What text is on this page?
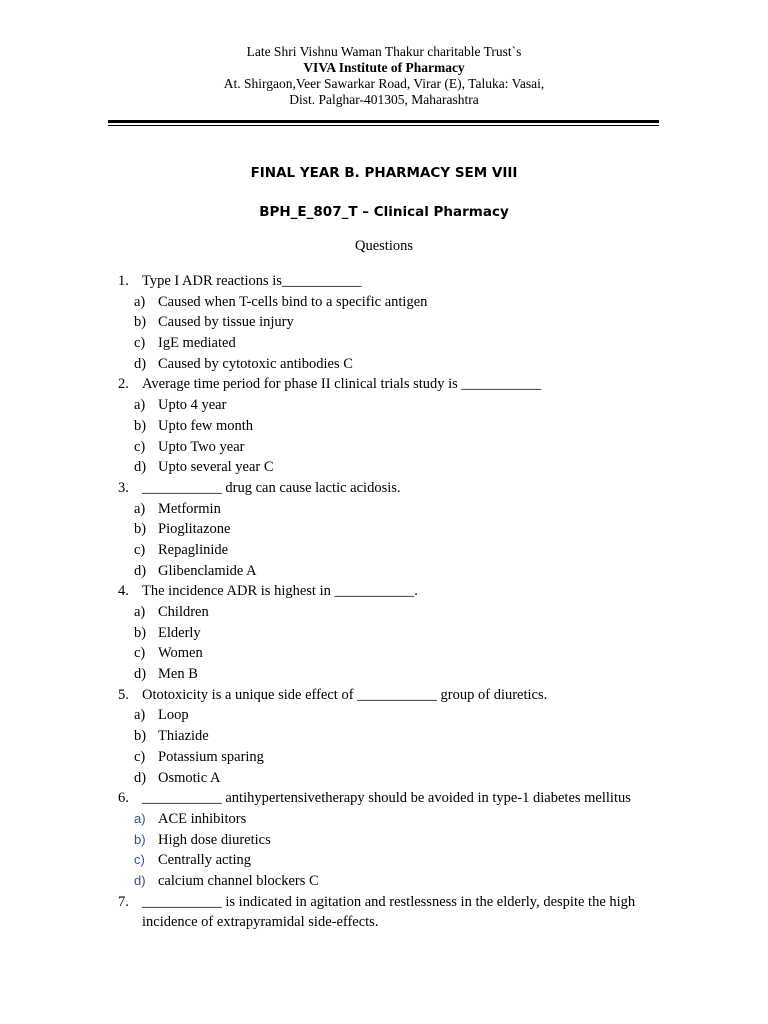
Late Shri Vishnu Waman Thakur charitable Trust`s
VIVA Institute of Pharmacy
At. Shirgaon,Veer Sawarkar Road, Virar (E), Taluka: Vasai,
Dist. Palghar-401305, Maharashtra
FINAL YEAR B. PHARMACY SEM VIII
BPH_E_807_T – Clinical Pharmacy
Questions
1. Type I ADR reactions is___________
a) Caused when T-cells bind to a specific antigen
b) Caused by tissue injury
c) IgE mediated
d) Caused by cytotoxic antibodies C
2. Average time period for phase II clinical trials study is ___________
a) Upto 4 year
b) Upto few month
c) Upto Two year
d) Upto several year C
3. ___________ drug can cause lactic acidosis.
a) Metformin
b) Pioglitazone
c) Repaglinide
d) Glibenclamide A
4. The incidence ADR is highest in ___________.
a) Children
b) Elderly
c) Women
d) Men B
5. Ototoxicity is a unique side effect of ___________ group of diuretics.
a) Loop
b) Thiazide
c) Potassium sparing
d) Osmotic A
6. ___________ antihypertensivetherapy should be avoided in type-1 diabetes mellitus
a) ACE inhibitors
b) High dose diuretics
c) Centrally acting
d) calcium channel blockers C
7. ___________ is indicated in agitation and restlessness in the elderly, despite the high
incidence of extrapyramidal side-effects.
